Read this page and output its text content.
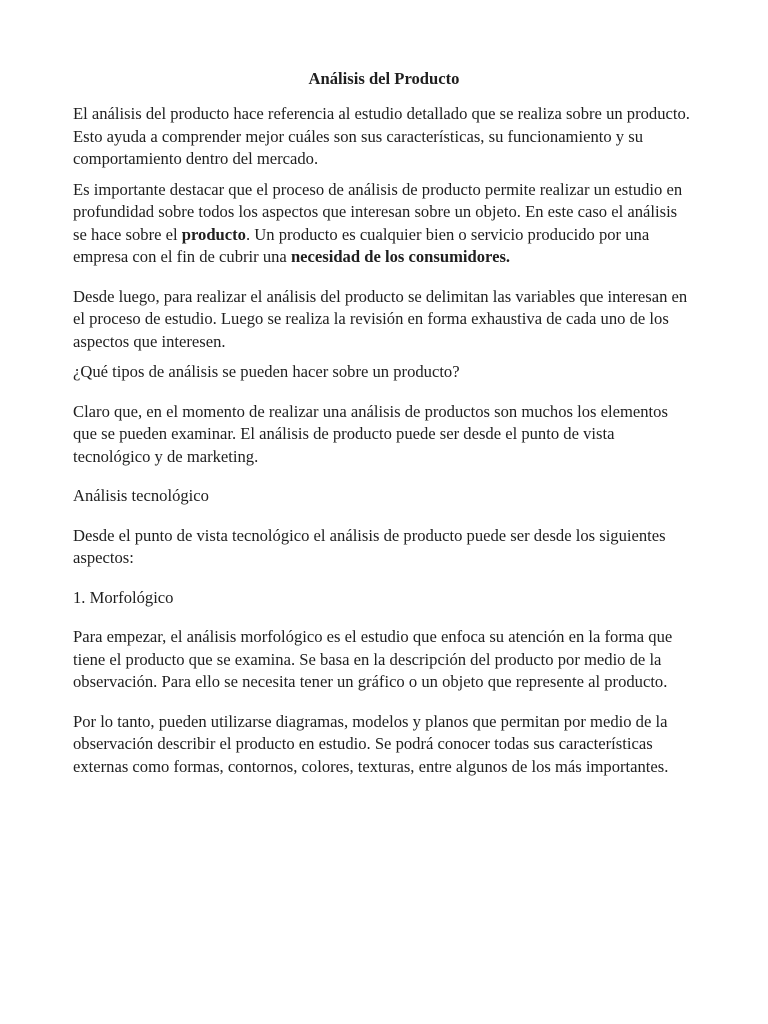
Análisis del Producto

El análisis del producto hace referencia al estudio detallado que se realiza sobre un producto. Esto ayuda a comprender mejor cuáles son sus características, su funcionamiento y su comportamiento dentro del mercado.

Es importante destacar que el proceso de análisis de producto permite realizar un estudio en profundidad sobre todos los aspectos que interesan sobre un objeto. En este caso el análisis se hace sobre el producto. Un producto es cualquier bien o servicio producido por una empresa con el fin de cubrir una necesidad de los consumidores.

Desde luego, para realizar el análisis del producto se delimitan las variables que interesan en el proceso de estudio. Luego se realiza la revisión en forma exhaustiva de cada uno de los aspectos que interesen.

¿Qué tipos de análisis se pueden hacer sobre un producto?

Claro que, en el momento de realizar una análisis de productos son muchos los elementos que se pueden examinar. El análisis de producto puede ser desde el punto de vista tecnológico y de marketing.

Análisis tecnológico

Desde el punto de vista tecnológico el análisis de producto puede ser desde los siguientes aspectos:

1. Morfológico

Para empezar, el análisis morfológico es el estudio que enfoca su atención en la forma que tiene el producto que se examina. Se basa en la descripción del producto por medio de la observación. Para ello se necesita tener un gráfico o un objeto que represente al producto.

Por lo tanto, pueden utilizarse diagramas, modelos y planos que permitan por medio de la observación describir el producto en estudio. Se podrá conocer todas sus características externas como formas, contornos, colores, texturas, entre algunos de los más importantes.
